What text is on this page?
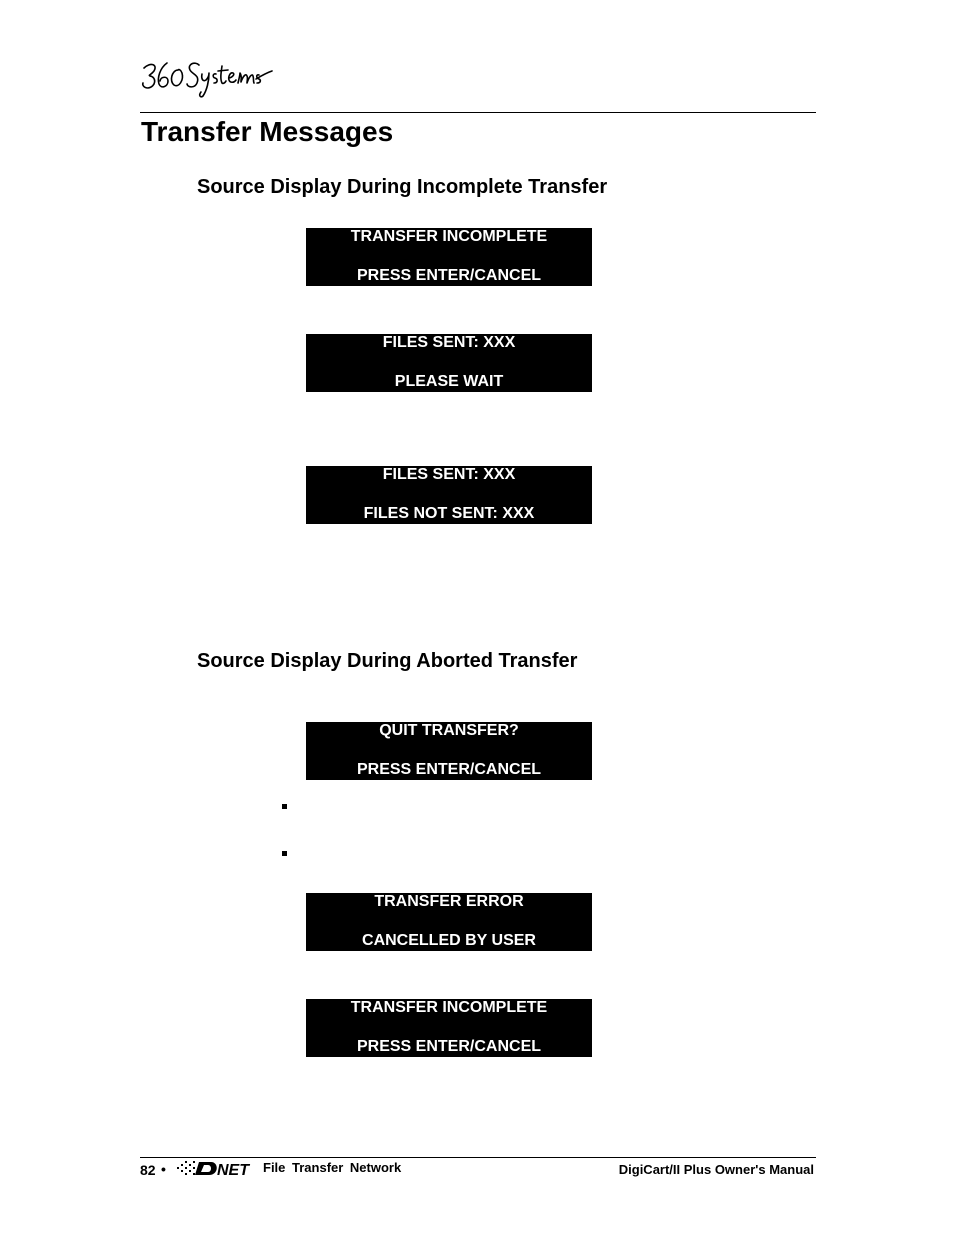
Transfer Messages
Source Display During Incomplete Transfer
TRANSFER INCOMPLETE
PRESS ENTER/CANCEL
FILES SENT: XXX
PLEASE WAIT
FILES SENT: XXX
FILES NOT SENT: XXX
Source Display During Aborted Transfer
QUIT TRANSFER?
PRESS ENTER/CANCEL
TRANSFER ERROR
CANCELLED BY USER
TRANSFER INCOMPLETE
PRESS ENTER/CANCEL
82 •	NET File Transfer Network	DigiCart/II Plus Owner's Manual
